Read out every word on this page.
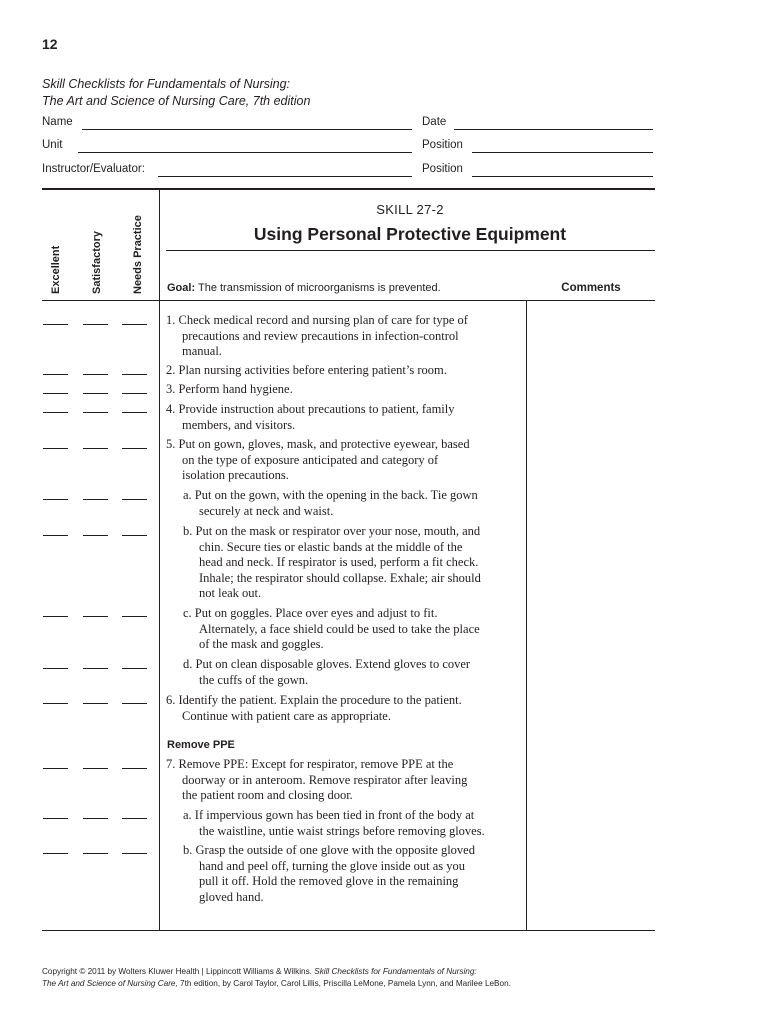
12
Skill Checklists for Fundamentals of Nursing:
The Art and Science of Nursing Care, 7th edition
Name	Date
Unit	Position
Instructor/Evaluator:	Position
Excellent	Satisfactory	Needs Practice
SKILL 27-2
Using Personal Protective Equipment
Goal: The transmission of microorganisms is prevented.	Comments
1. Check medical record and nursing plan of care for type of
precautions and review precautions in infection-control
manual.
2. Plan nursing activities before entering patient’s room.
3. Perform hand hygiene.
4. Provide instruction about precautions to patient, family
members, and visitors.
5. Put on gown, gloves, mask, and protective eyewear, based
on the type of exposure anticipated and category of
isolation precautions.
a. Put on the gown, with the opening in the back. Tie gown
securely at neck and waist.
b. Put on the mask or respirator over your nose, mouth, and
chin. Secure ties or elastic bands at the middle of the
head and neck. If respirator is used, perform a fit check.
Inhale; the respirator should collapse. Exhale; air should
not leak out.
c. Put on goggles. Place over eyes and adjust to fit.
Alternately, a face shield could be used to take the place
of the mask and goggles.
d. Put on clean disposable gloves. Extend gloves to cover
the cuffs of the gown.
6. Identify the patient. Explain the procedure to the patient.
Continue with patient care as appropriate.
Remove PPE
7. Remove PPE: Except for respirator, remove PPE at the
doorway or in anteroom. Remove respirator after leaving
the patient room and closing door.
a. If impervious gown has been tied in front of the body at
the waistline, untie waist strings before removing gloves.
b. Grasp the outside of one glove with the opposite gloved
hand and peel off, turning the glove inside out as you
pull it off. Hold the removed glove in the remaining
gloved hand.
Copyright © 2011 by Wolters Kluwer Health | Lippincott Williams & Wilkins. Skill Checklists for Fundamentals of Nursing:
The Art and Science of Nursing Care, 7th edition, by Carol Taylor, Carol Lillis, Priscilla LeMone, Pamela Lynn, and Marilee LeBon.
